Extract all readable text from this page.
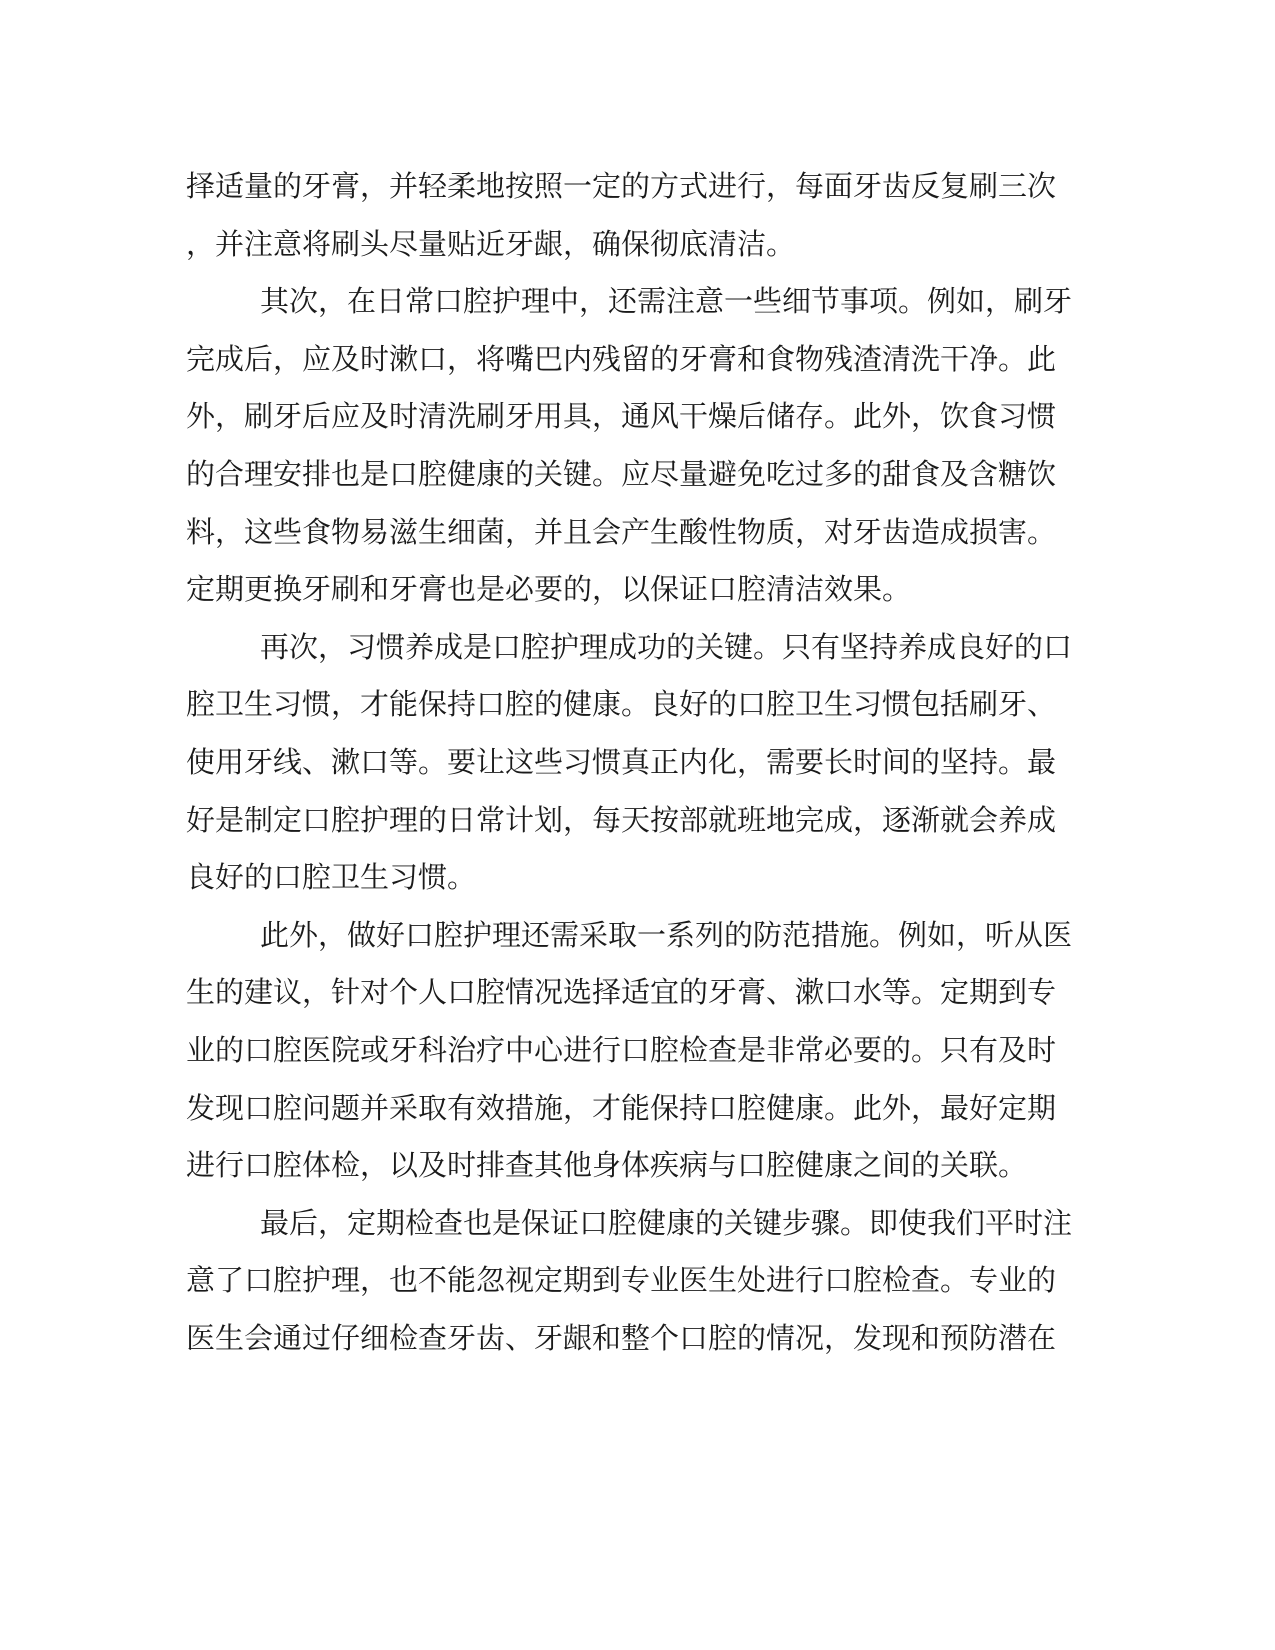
择适量的牙膏，并轻柔地按照一定的方式进行，每面牙齿反复刷三次
，并注意将刷头尽量贴近牙龈，确保彻底清洁。
其次，在日常口腔护理中，还需注意一些细节事项。例如，刷牙
完成后，应及时漱口，将嘴巴内残留的牙膏和食物残渣清洗干净。此
外，刷牙后应及时清洗刷牙用具，通风干燥后储存。此外，饮食习惯
的合理安排也是口腔健康的关键。应尽量避免吃过多的甜食及含糖饮
料，这些食物易滋生细菌，并且会产生酸性物质，对牙齿造成损害。
定期更换牙刷和牙膏也是必要的，以保证口腔清洁效果。
再次，习惯养成是口腔护理成功的关键。只有坚持养成良好的口
腔卫生习惯，才能保持口腔的健康。良好的口腔卫生习惯包括刷牙、
使用牙线、漱口等。要让这些习惯真正内化，需要长时间的坚持。最
好是制定口腔护理的日常计划，每天按部就班地完成，逐渐就会养成
良好的口腔卫生习惯。
此外，做好口腔护理还需采取一系列的防范措施。例如，听从医
生的建议，针对个人口腔情况选择适宜的牙膏、漱口水等。定期到专
业的口腔医院或牙科治疗中心进行口腔检查是非常必要的。只有及时
发现口腔问题并采取有效措施，才能保持口腔健康。此外，最好定期
进行口腔体检，以及时排查其他身体疾病与口腔健康之间的关联。
最后，定期检查也是保证口腔健康的关键步骤。即使我们平时注
意了口腔护理，也不能忽视定期到专业医生处进行口腔检查。专业的
医生会通过仔细检查牙齿、牙龈和整个口腔的情况，发现和预防潜在
